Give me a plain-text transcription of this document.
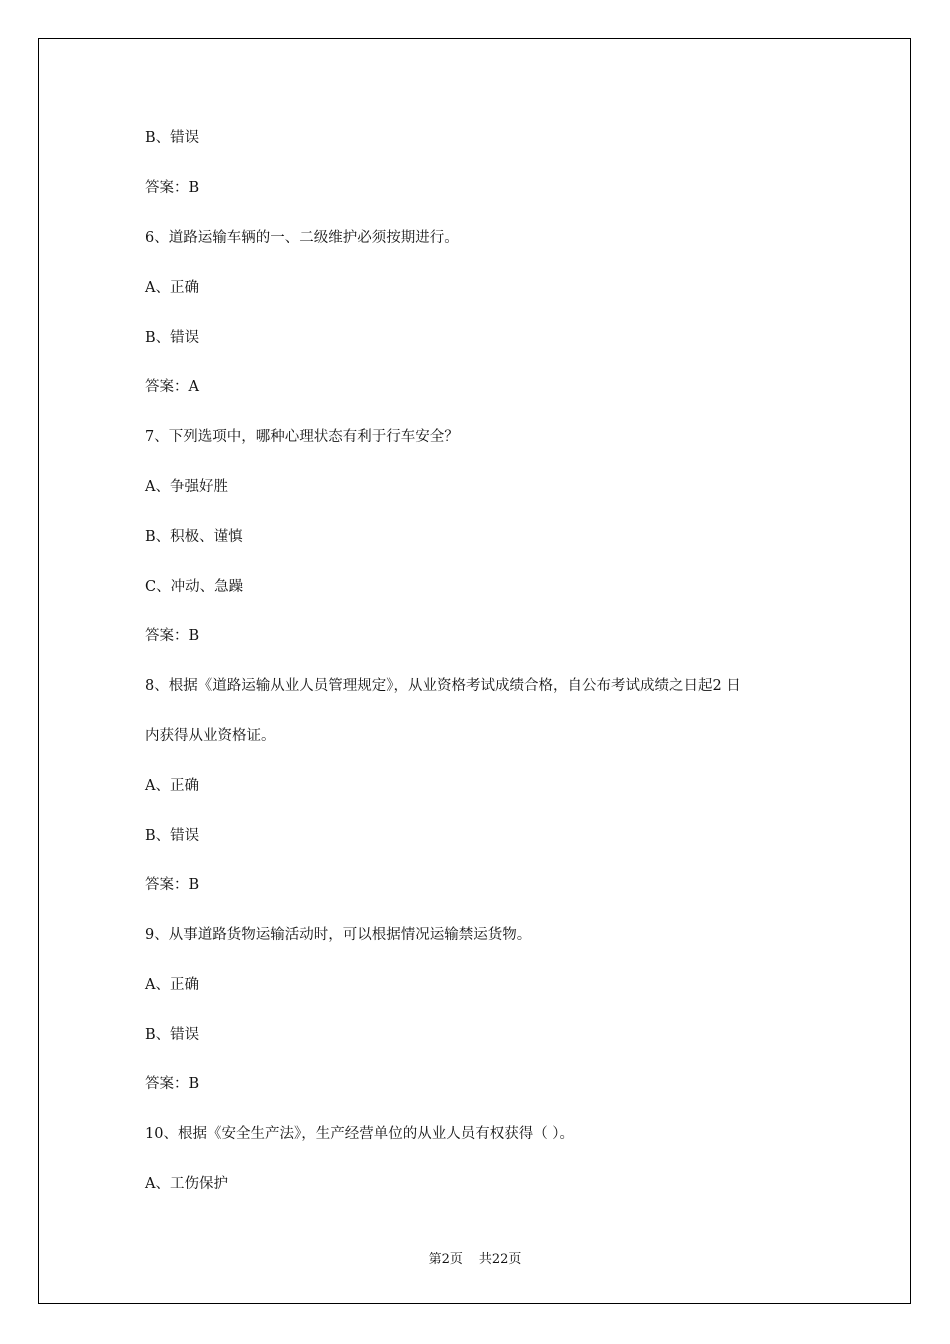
B、错误
答案：B
6、道路运输车辆的一、二级维护必须按期进行。
A、正确
B、错误
答案：A
7、下列选项中，哪种心理状态有利于行车安全？
A、争强好胜
B、积极、谨慎
C、冲动、急躁
答案：B
8、根据《道路运输从业人员管理规定》，从业资格考试成绩合格，自公布考试成绩之日起2 日
内获得从业资格证。
A、正确
B、错误
答案：B
9、从事道路货物运输活动时，可以根据情况运输禁运货物。
A、正确
B、错误
答案：B
10、根据《安全生产法》，生产经营单位的从业人员有权获得（ ）。
A、工伤保护
第2页 共22页
